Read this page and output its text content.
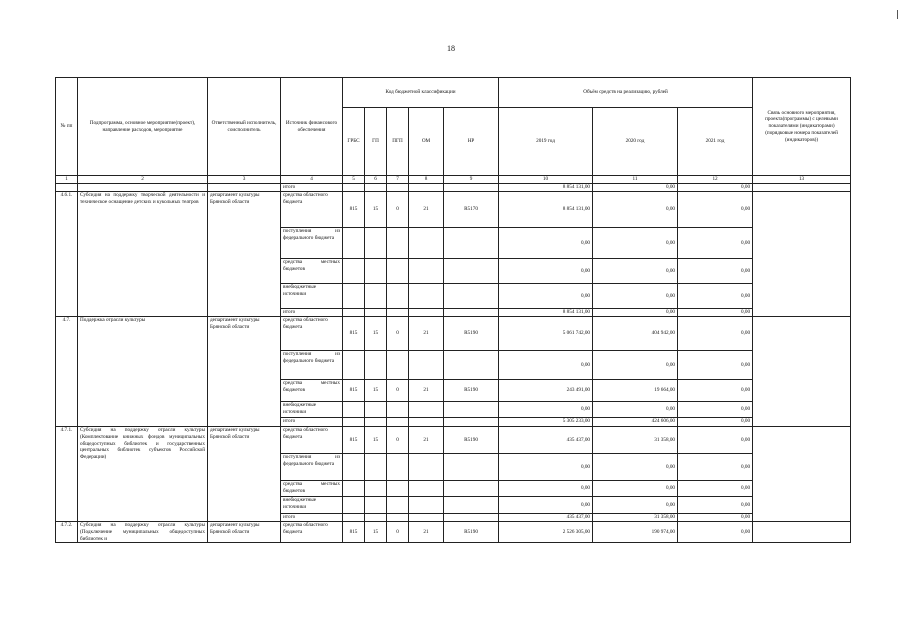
18
№ пп	Подпрограмма, основное мероприятие(проект), направление расходов, мероприятие	Ответственный исполнитель, соисполнитель	Источник финансового обеспечения	Код бюджетной классификации					Объём средств на реализацию, рублей			Связь основного мероприятия, проекта(программы) с целевыми показателями (индикаторами) (порядковые номера показателей (индикаторов))
				ГРБС	ГП	ПГП	ОМ	НР	2019 год	2020 год	2021 год	
1	2	3	4	5	6	7	8	9	10	11	12	13
			итого						8 854 131,00	0,00	0,00	
4.6.1.	Субсидия на поддержку творческой деятельности и техническое оснащение детских и кукольных театров	департамент культуры Брянской области	средства областного бюджета	815	15	0	21	R5170	8 854 131,00	0,00	0,00	
			поступления из федерального бюджета						0,00	0,00	0,00	
			средства местных бюджетов						0,00	0,00	0,00	
			внебюджетные источники						0,00	0,00	0,00	
			итого						8 854 131,00	0,00	0,00	
4.7.	Поддержка отрасли культуры	департамент культуры Брянской области	средства областного бюджета	815	15	0	21	R5190	5 061 742,00	404 942,00	0,00	
			поступления из федерального бюджета						0,00	0,00	0,00	
			средства местных бюджетов	815	15	0	21	R5190	243 491,00	19 664,00	0,00	
			внебюджетные источники						0,00	0,00	0,00	
			итого						5 305 233,00	424 606,00	0,00	
4.7.1.	Субсидия на поддержку отрасли культуры (Комплектование книжных фондов муниципальных общедоступных библиотек и государственных центральных библиотек субъектов Российской Федерации)	департамент культуры Брянской области	средства областного бюджета	815	15	0	21	R5190	435 437,00	31 358,00	0,00	
			поступления из федерального бюджета						0,00	0,00	0,00	
			средства местных бюджетов						0,00	0,00	0,00	
			внебюджетные источники						0,00	0,00	0,00	
			итого						435 437,00	31 358,00	0,00	
4.7.2.	Субсидия на поддержку отрасли культуры (Подключение муниципальных общедоступных библиотек и	департамент культуры Брянской области	средства областного бюджета	815	15	0	21	R5190	2 526 305,00	190 974,00	0,00	
